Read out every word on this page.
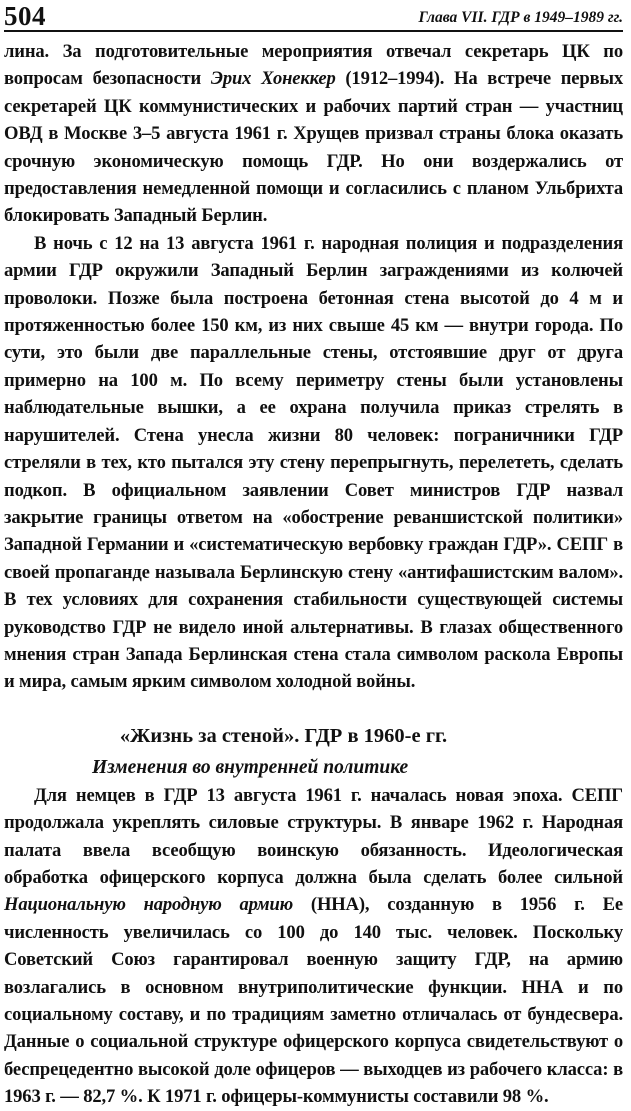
504	Глава VII. ГДР в 1949–1989 гг.

лина. За подготовительные мероприятия отвечал секретарь ЦК по вопросам безопасности Эрих Хонеккер (1912–1994). На встрече первых секретарей ЦК коммунистических и рабочих партий стран — участниц ОВД в Москве 3–5 августа 1961 г. Хрущев призвал страны блока оказать срочную экономическую помощь ГДР. Но они воздержались от предоставления немедленной помощи и согласились с планом Ульбрихта блокировать Западный Берлин.

В ночь с 12 на 13 августа 1961 г. народная полиция и подразделения армии ГДР окружили Западный Берлин заграждениями из колючей проволоки. Позже была построена бетонная стена высотой до 4 м и протяженностью более 150 км, из них свыше 45 км — внутри города. По сути, это были две параллельные стены, отстоявшие друг от друга примерно на 100 м. По всему периметру стены были установлены наблюдательные вышки, а ее охрана получила приказ стрелять в нарушителей. Стена унесла жизни 80 человек: пограничники ГДР стреляли в тех, кто пытался эту стену перепрыгнуть, перелететь, сделать подкоп. В официальном заявлении Совет министров ГДР назвал закрытие границы ответом на «обострение реваншистской политики» Западной Германии и «систематическую вербовку граждан ГДР». СЕПГ в своей пропаганде называла Берлинскую стену «антифашистским валом». В тех условиях для сохранения стабильности существующей системы руководство ГДР не видело иной альтернативы. В глазах общественного мнения стран Запада Берлинская стена стала символом раскола Европы и мира, самым ярким символом холодной войны.

«Жизнь за стеной». ГДР в 1960-е гг.
Изменения во внутренней политике

Для немцев в ГДР 13 августа 1961 г. началась новая эпоха. СЕПГ продолжала укреплять силовые структуры. В январе 1962 г. Народная палата ввела всеобщую воинскую обязанность. Идеологическая обработка офицерского корпуса должна была сделать более сильной Национальную народную армию (ННА), созданную в 1956 г. Ее численность увеличилась со 100 до 140 тыс. человек. Поскольку Советский Союз гарантировал военную защиту ГДР, на армию возлагались в основном внутриполитические функции. ННА и по социальному составу, и по традициям заметно отличалась от бундесвера. Данные о социальной структуре офицерского корпуса свидетельствуют о беспрецедентно высокой доле офицеров — выходцев из рабочего класса: в 1963 г. — 82,7 %. К 1971 г. офицеры-коммунисты составили 98 %.
